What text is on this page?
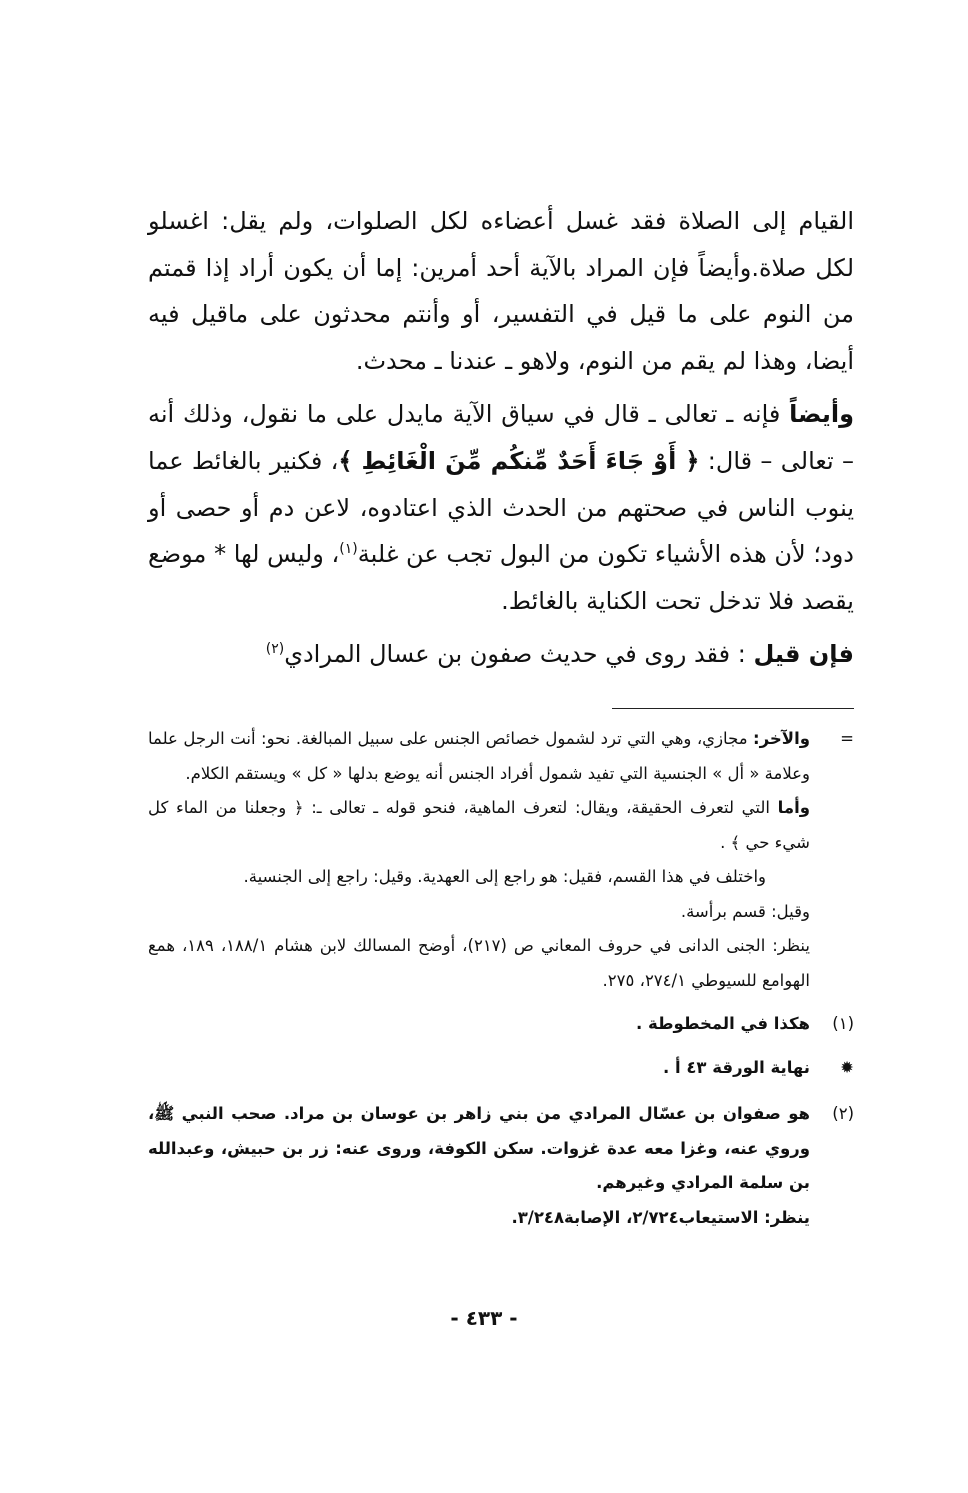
القيام إلى الصلاة فقد غسل أعضاءه لكل الصلوات، ولم يقل: اغسلو لكل صلاة.وأيضاً فإن المراد بالآية أحد أمرين: إما أن يكون أراد إذا قمتم من النوم على ما قيل في التفسير، أو وأنتم محدثون على ماقيل فيه أيضا، وهذا لم يقم من النوم، ولاهو ـ عندنا ـ محدث.

وأيضاً فإنه ـ تعالى ـ قال في سياق الآية مايدل على ما نقول، وذلك أنه – تعالى – قال: ﴿ أَوْ جَاءَ أَحَدٌ مِّنكُم مِّنَ الْغَائِطِ ﴾، فكنير بالغائط عما ينوب الناس في صحتهم من الحدث الذي اعتادوه، لاعن دم أو حصى أو دود؛ لأن هذه الأشياء تكون من البول تجب عن غلبة$^{(١)}$، وليس لها * موضع يقصد فلا تدخل تحت الكناية بالغائط.

فإن قيل : فقد روى في حديث صفون بن عسال المرادي$^{(٢)}$

=

والآخر: مجازي، وهي التي ترد لشمول خصائص الجنس على سبيل المبالغة. نحو: أنت الرجل علما وعلامة « أل » الجنسية التي تفيد شمول أفراد الجنس أنه يوضع بدلها « كل » ويستقم الكلام.

وأما التي لتعرف الحقيقة، ويقال: لتعرف الماهية، فنحو قوله ـ تعالى ـ: ﴿ وجعلنا من الماء كل شيء حي ﴾ .

واختلف في هذا القسم، فقيل: هو راجع إلى العهدية. وقيل: راجع إلى الجنسية.

وقيل: قسم برأسة.

ينظر: الجنى الدانى في حروف المعاني ص (٢١٧)، أوضح المسالك لابن هشام ١٨٨/١، ١٨٩، همع الهوامع للسيوطي ٢٧٤/١، ٢٧٥.

(١)

هكذا في المخطوطة .

✹

نهاية الورقة ٤٣ أ .

(٢)

هو صفوان بن عسّال المرادي من بني زاهر بن عوسان بن مراد. صحب النبي ﷺ، وروي عنه، وغزا معه عدة غزوات. سكن الكوفة، وروى عنه: زر بن حبيش، وعبدالله بن سلمة المرادي وغيرهم.

ينظر: الاستيعاب٢/٧٢٤، الإصابة٣/٢٤٨.

- ٤٣٣ -
